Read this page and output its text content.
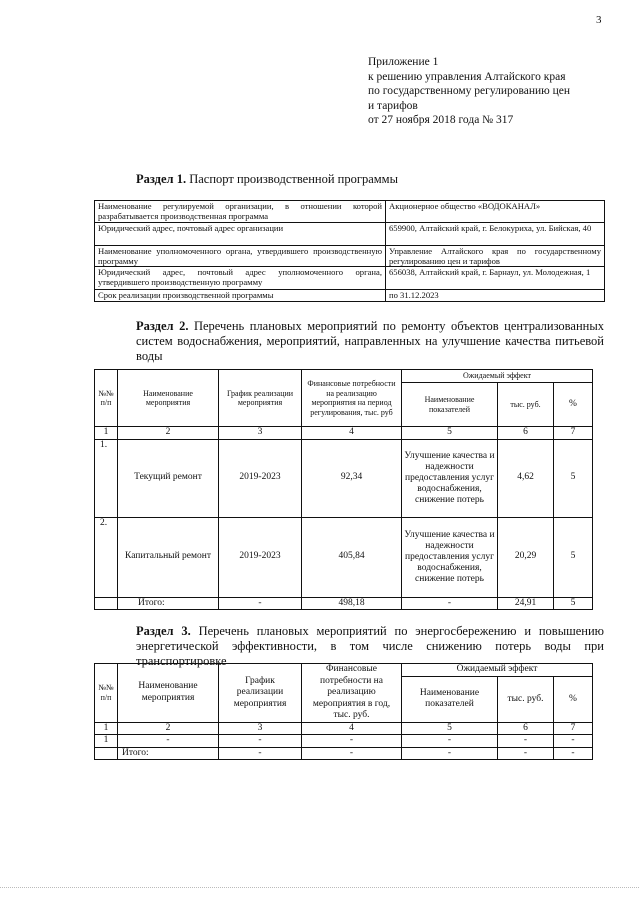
3
Приложение 1
к решению управления Алтайского края
по государственному регулированию цен
и тарифов
от 27 ноября 2018 года № 317
Раздел 1. Паспорт производственной программы
Наименование регулируемой организации, в отношении которой разрабатывается производственная программа	Акционерное общество «ВОДОКАНАЛ»
Юридический адрес, почтовый адрес организации	659900, Алтайский край, г. Белокуриха, ул. Бийская, 40
Наименование уполномоченного органа, утвердившего производственную программу	Управление Алтайского края по государственному регулированию цен и тарифов
Юридический адрес, почтовый адрес уполномоченного органа, утвердившего производственную программу	656038, Алтайский край, г. Барнаул, ул. Молодежная, 1
Срок реализации производственной программы	по 31.12.2023
Раздел 2. Перечень плановых мероприятий по ремонту объектов централизованных систем водоснабжения, мероприятий, направленных на улучшение качества питьевой воды
№№ п/п	Наименование мероприятия	График реализации мероприятия	Финансовые потребности на реализацию мероприятия на период регулирования, тыс. руб	Ожидаемый эффект		
				Наименование показателей	тыс. руб.	%
1	2	3	4	5	6	7
1.	Текущий ремонт	2019-2023	92,34	Улучшение качества и надежности предоставления услуг водоснабжения, снижение потерь	4,62	5
2.	Капитальный ремонт	2019-2023	405,84	Улучшение качества и надежности предоставления услуг водоснабжения, снижение потерь	20,29	5
	Итого:	-	498,18	-	24,91	5
Раздел 3. Перечень плановых мероприятий по энергосбережению и повышению энергетической эффективности, в том числе снижению потерь воды при транспортировке
№№ п/п	Наименование мероприятия	График реализации мероприятия	Финансовые потребности на реализацию мероприятия в год, тыс. руб.	Ожидаемый эффект		
				Наименование показателей	тыс. руб.	%
1	2	3	4	5	6	7
1	-	-	-	-	-	-
	Итого:	-	-	-	-	-
